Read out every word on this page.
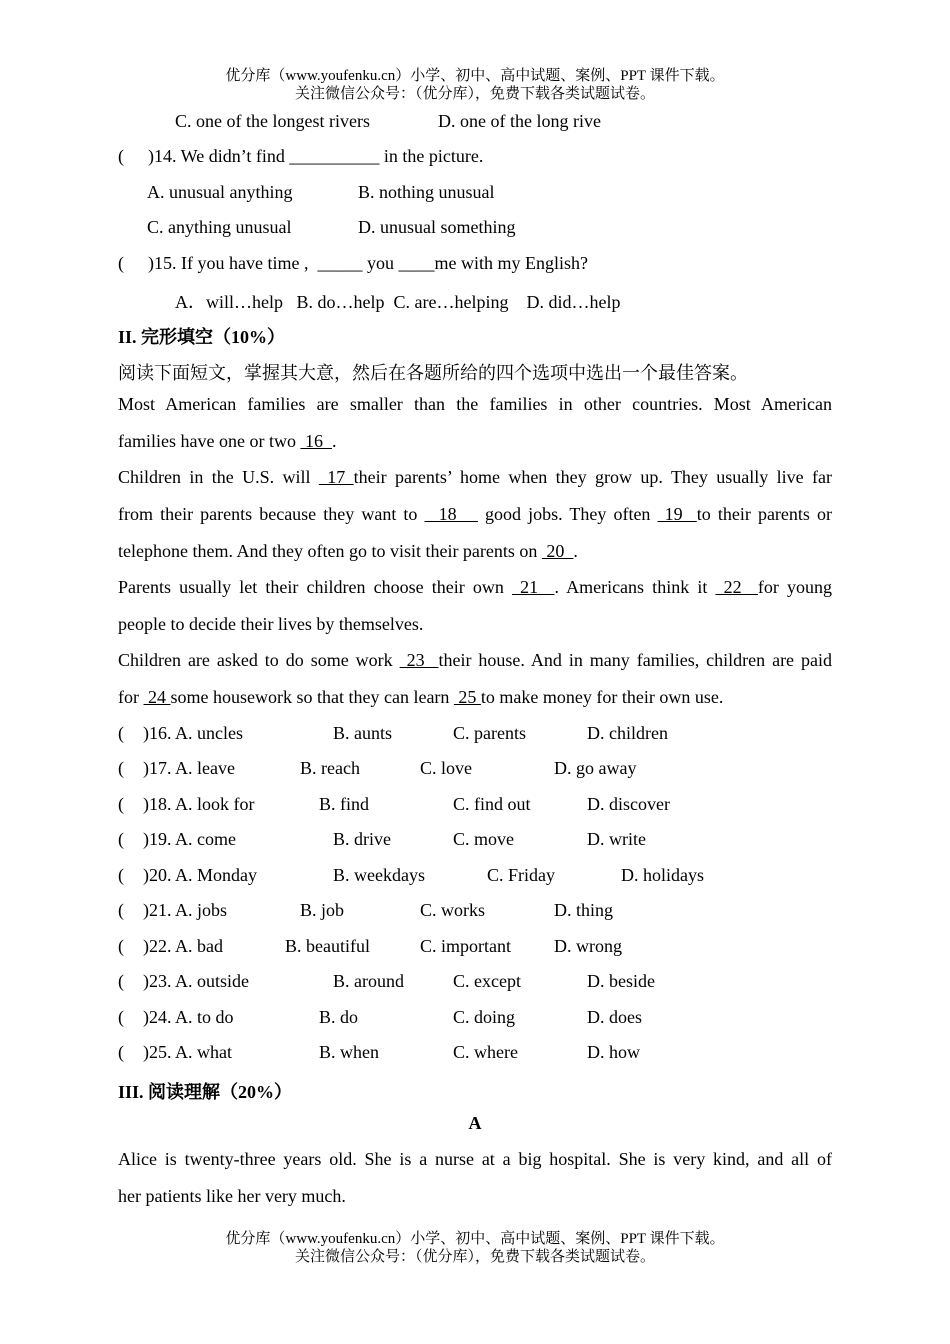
优分库（www.youfenku.cn）小学、初中、高中试题、案例、PPT 课件下载。
关注微信公众号：（优分库），免费下载各类试题试卷。
C. one of the longest rivers	D. one of the long rive
( )14. We didn’t find __________ in the picture.
A. unusual anything	B. nothing unusual
C. anything unusual	D. unusual something
( )15. If you have time ,  _____ you ____me with my English?
A．will…help   B. do…help  C. are…helping    D. did…help
II. 完形填空（10%）
阅读下面短文，掌握其大意，然后在各题所给的四个选项中选出一个最佳答案。
Most American families are smaller than the families in other countries. Most American
families have one or two  16  .
Children in the U.S. will  17 their parents’ home when they grow up. They usually live far
from their parents because they want to   18    good jobs. They often  19  to their parents or
telephone them. And they often go to visit their parents on  20  .
Parents usually let their children choose their own  21  . Americans think it  22  for young
people to decide their lives by themselves.
Children are asked to do some work  23  their house. And in many families, children are paid
for  24 some housework so that they can learn  25 to make money for their own use.
( )16. A. uncles	B. aunts	C. parents	D. children
( )17. A. leave	B. reach	C. love	D. go away
( )18. A. look for	B. find	C. find out	D. discover
( )19. A. come	B. drive	C. move	D. write
( )20. A. Monday	B. weekdays	C. Friday	D. holidays
( )21. A. jobs	B. job	C. works	D. thing
( )22. A. bad	B. beautiful	C. important D. wrong
( )23. A. outside	B. around	C. except	D. beside
( )24. A. to do	B. do	C. doing	D. does
( )25. A. what	B. when	C. where	D. how
III. 阅读理解（20%）
A
Alice is twenty-three years old. She is a nurse at a big hospital. She is very kind, and all of
her patients like her very much.
优分库（www.youfenku.cn）小学、初中、高中试题、案例、PPT 课件下载。
关注微信公众号：（优分库），免费下载各类试题试卷。
